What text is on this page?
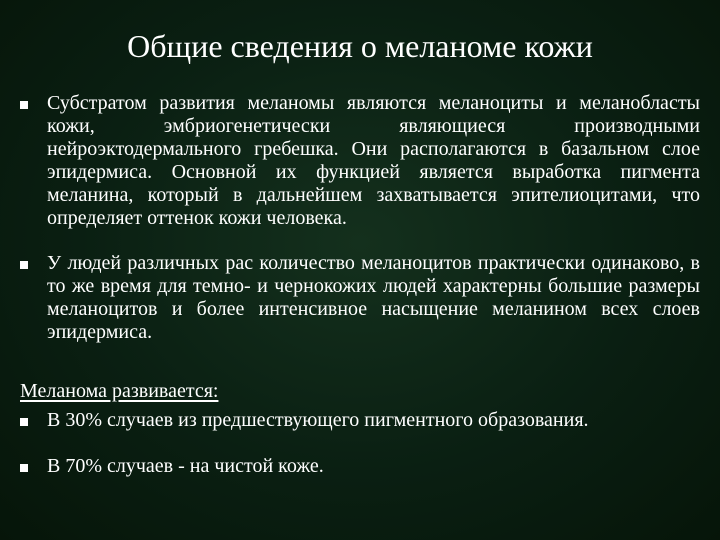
Общие сведения о меланоме кожи
Субстратом развития меланомы являются меланоциты и меланобласты кожи, эмбриогенетически являющиеся производными нейроэктодермального гребешка. Они располагаются в базальном слое эпидермиса. Основной их функцией является выработка пигмента меланина, который в дальнейшем захватывается эпителиоцитами, что определяет оттенок кожи человека.
У людей различных рас количество меланоцитов практически одинаково, в то же время для темно- и чернокожих людей характерны большие размеры меланоцитов и более интенсивное насыщение меланином всех слоев эпидермиса.
Меланома развивается:
В 30% случаев из предшествующего пигментного образования.
В 70% случаев - на чистой коже.
